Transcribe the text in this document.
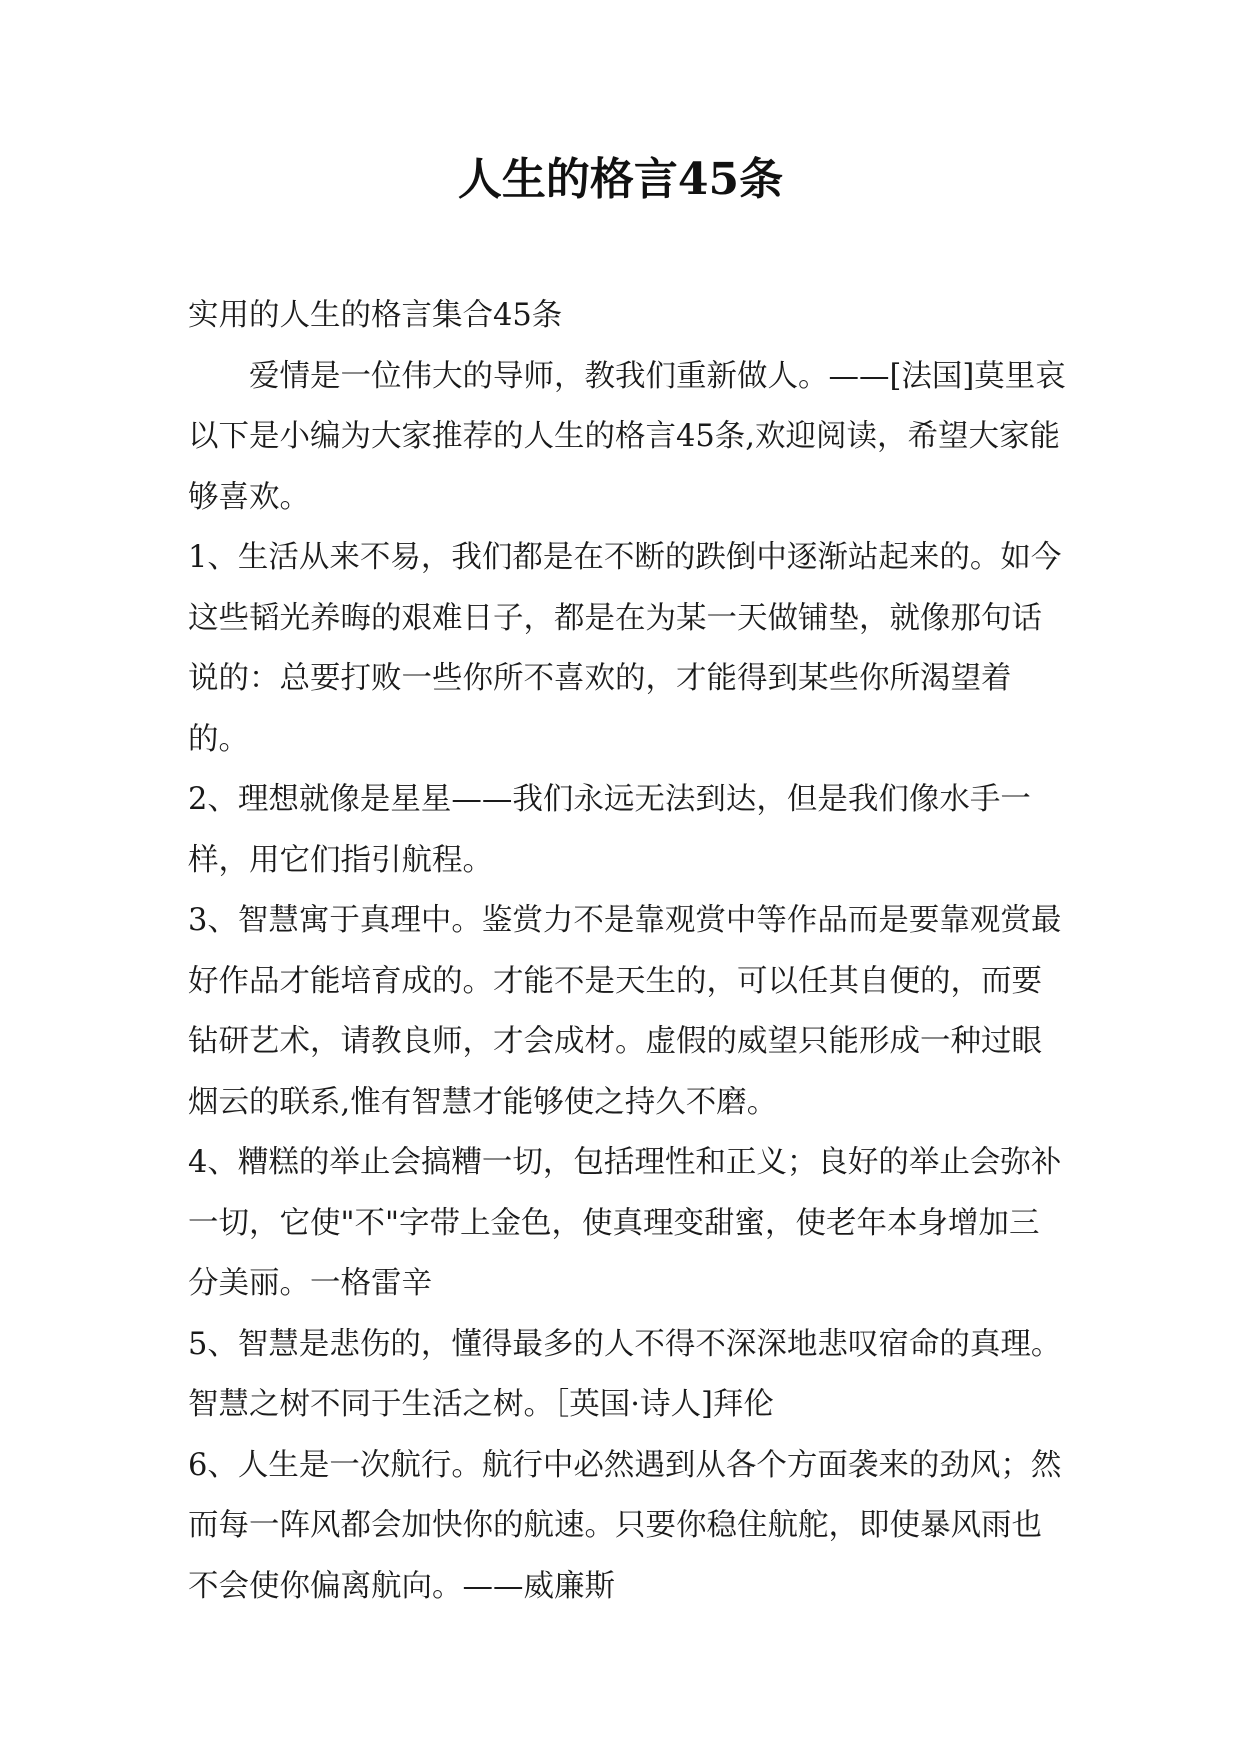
人生的格言45条

实用的人生的格言集合45条

爱情是一位伟大的导师，教我们重新做人。——[法国]莫里哀以下是小编为大家推荐的人生的格言45条,欢迎阅读，希望大家能够喜欢。

1、生活从来不易，我们都是在不断的跌倒中逐渐站起来的。如今这些韬光养晦的艰难日子，都是在为某一天做铺垫，就像那句话说的：总要打败一些你所不喜欢的，才能得到某些你所渴望着的。

2、理想就像是星星——我们永远无法到达，但是我们像水手一样，用它们指引航程。

3、智慧寓于真理中。鉴赏力不是靠观赏中等作品而是要靠观赏最好作品才能培育成的。才能不是天生的，可以任其自便的，而要钻研艺术，请教良师，才会成材。虚假的威望只能形成一种过眼烟云的联系,惟有智慧才能够使之持久不磨。

4、糟糕的举止会搞糟一切，包括理性和正义；良好的举止会弥补一切，它使"不"字带上金色，使真理变甜蜜，使老年本身增加三分美丽。一格雷辛

5、智慧是悲伤的，懂得最多的人不得不深深地悲叹宿命的真理。智慧之树不同于生活之树。［英国·诗人]拜伦

6、人生是一次航行。航行中必然遇到从各个方面袭来的劲风；然而每一阵风都会加快你的航速。只要你稳住航舵，即使暴风雨也不会使你偏离航向。——威廉斯
